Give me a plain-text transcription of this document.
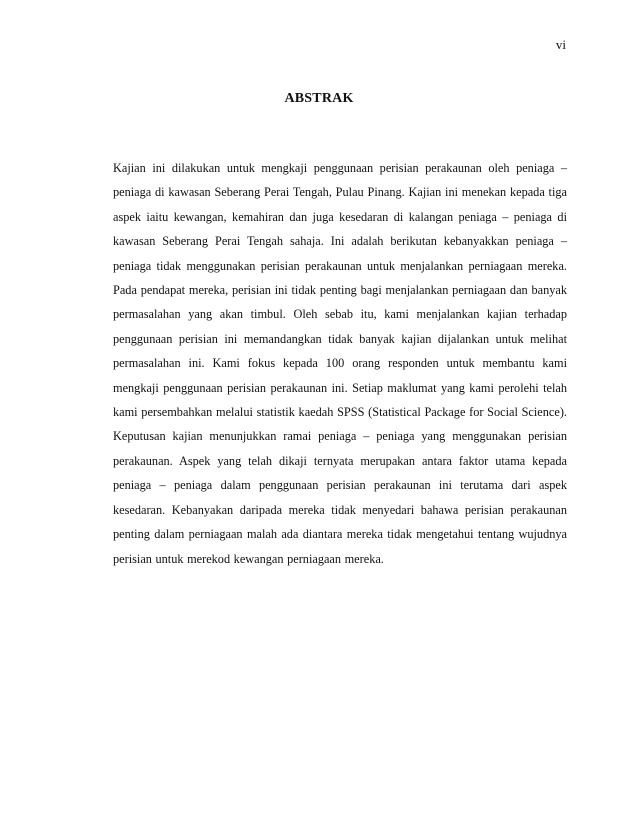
vi
ABSTRAK

Kajian ini dilakukan untuk mengkaji penggunaan perisian perakaunan oleh peniaga – peniaga di kawasan Seberang Perai Tengah, Pulau Pinang. Kajian ini menekan kepada tiga aspek iaitu kewangan, kemahiran dan juga kesedaran di kalangan peniaga – peniaga di kawasan Seberang Perai Tengah sahaja. Ini adalah berikutan kebanyakkan peniaga – peniaga tidak menggunakan perisian perakaunan untuk menjalankan perniagaan mereka. Pada pendapat mereka, perisian ini tidak penting bagi menjalankan perniagaan dan banyak permasalahan yang akan timbul. Oleh sebab itu, kami menjalankan kajian terhadap penggunaan perisian ini memandangkan tidak banyak kajian dijalankan untuk melihat permasalahan ini. Kami fokus kepada 100 orang responden untuk membantu kami mengkaji penggunaan perisian perakaunan ini. Setiap maklumat yang kami perolehi telah kami persembahkan melalui statistik kaedah SPSS (Statistical Package for Social Science). Keputusan kajian menunjukkan ramai peniaga – peniaga yang menggunakan perisian perakaunan. Aspek yang telah dikaji ternyata merupakan antara faktor utama kepada peniaga – peniaga dalam penggunaan perisian perakaunan ini terutama dari aspek kesedaran. Kebanyakan daripada mereka tidak menyedari bahawa perisian perakaunan penting dalam perniagaan malah ada diantara mereka tidak mengetahui tentang wujudnya perisian untuk merekod kewangan perniagaan mereka.
